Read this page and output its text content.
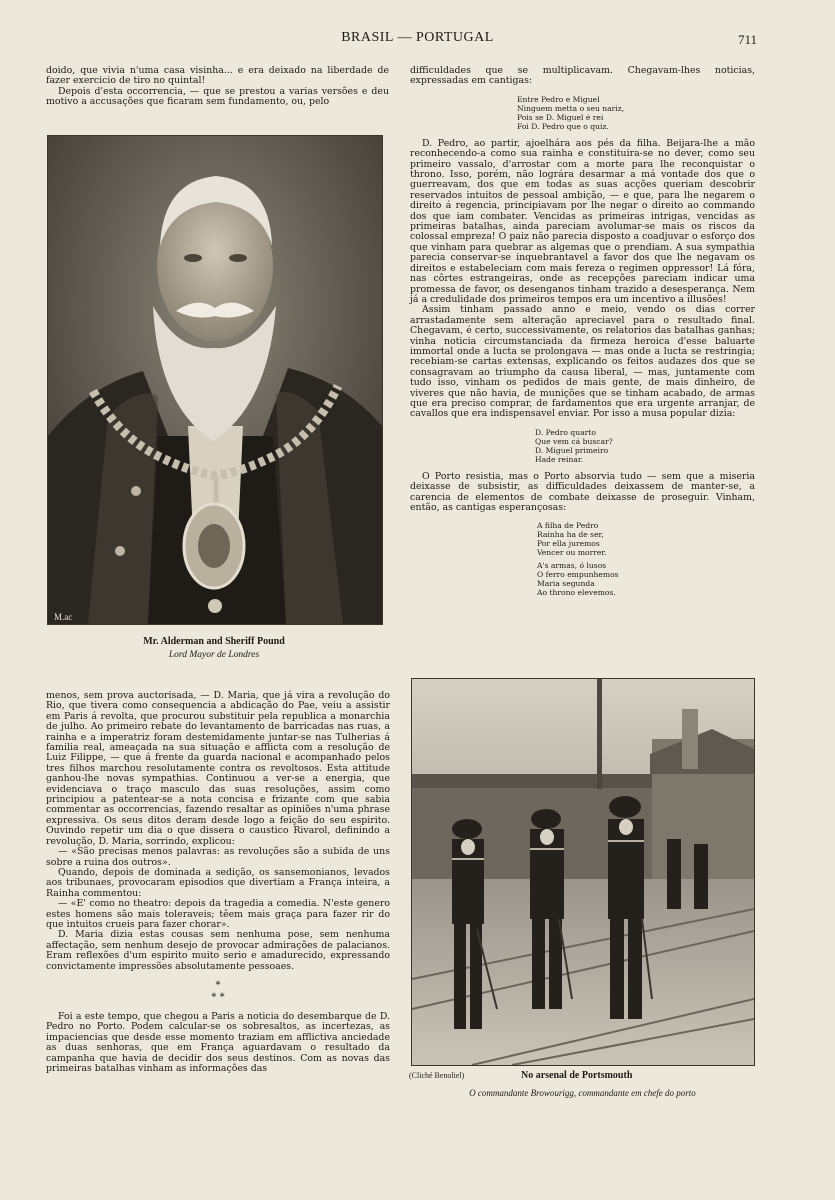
BRASIL — PORTUGAL	711

doido, que vivia n'uma casa visinha... e era deixado na liberdade de fazer exercicio de tiro no quintal!

Depois d'esta occorrencia, — que se prestou a varias versões e deu motivo a accusações que ficaram sem fundamento, ou, pelo

M.ac
Mr. Alderman and Sheriff Pound
Lord Mayor de Londres

menos, sem prova auctorisada, — D. Maria, que já vira a revolução do Rio, que tivera como consequencia a abdicação do Pae, veiu a assistir em Paris á revolta, que procurou substituir pela republica a monarchia de julho. Ao primeiro rebate do levantamento de barricadas nas ruas, a rainha e a imperatriz foram destemidamente juntar-se nas Tulherias á familia real, ameaçada na sua situação e afflicta com a resolução de Luiz Filippe, — que á frente da guarda nacional e acompanhado pelos tres filhos marchou resolutamente contra os revoltosos. Esta attitude ganhou-lhe novas sympathias. Continuou a ver-se a energia, que evidenciava o traço masculo das suas resoluções, assim como principiou a patentear-se a nota concisa e frizante com que sabia commentar as occorrencias, fazendo resaltar as opiniões n'uma phrase expressiva. Os seus ditos deram desde logo a feição do seu espirito. Ouvindo repetir um dia o que dissera o caustico Rivarol, definindo a revolução, D. Maria, sorrindo, explicou:

— «São precisas menos palavras: as revoluções são a subida de uns sobre a ruina dos outros».

Quando, depois de dominada a sedição, os sansemonianos, levados aos tribunaes, provocaram episodios que divertiam a França inteira, a Rainha commentou:

— «E' como no theatro: depois da tragedia a comedia. N'este genero estes homens são mais toleraveis; têem mais graça para fazer rir do que intuitos crueis para fazer chorar».

D. Maria dizia estas cousas sem nenhuma pose, sem nenhuma affectação, sem nenhum desejo de provocar admirações de palacianos. Eram reflexões d'um espirito muito serio e amadurecido, expressando convictamente impressões absolutamente pessoaes.

*
* *

Foi a este tempo, que chegou a Paris a noticia do desembarque de D. Pedro no Porto. Podem calcular-se os sobresaltos, as incertezas, as impaciencias que desde esse momento traziam em afflictiva anciedade as duas senhoras, que em França aguardavam o resultado da campanha que havia de decidir dos seus destinos. Com as novas das primeiras batalhas vinham as informações das

difficuldades que se multiplicavam. Chegavam-lhes noticias, expressadas em cantigas:

Entre Pedro e Miguel
Ninguem metta o seu nariz,
Pois se D. Miguel é rei
Foi D. Pedro que o quiz.

D. Pedro, ao partir, ajoelhára aos pés da filha. Beijara-lhe a mão reconhecendo-a como sua rainha e constituira-se no dever, como seu primeiro vassalo, d'arrostar com a morte para lhe reconquistar o throno. Isso, porém, não lográra desarmar a má vontade dos que o guerreavam, dos que em todas as suas acções queriam descobrir reservados intuitos de pessoal ambição, — e que, para lhe negarem o direito á regencia, principiavam por lhe negar o direito ao commando dos que iam combater. Vencidas as primeiras intrigas, vencidas as primeiras batalhas, ainda pareciam avolumar-se mais os riscos da colossal empreza! O paiz não parecia disposto a coadjuvar o esforço dos que vinham para quebrar as algemas que o prendiam. A sua sympathia parecia conservar-se inquebrantavel a favor dos que lhe negavam os direitos e estabeleciam com mais fereza o regimen oppressor! Lá fóra, nas côrtes estrangeiras, onde as recepções pareciam indicar uma promessa de favor, os desenganos tinham trazido a desesperança. Nem já a credulidade dos primeiros tempos era um incentivo a illusões!

Assim tinham passado anno e meio, vendo os dias correr arrastadamente sem alteração apreciavel para o resultado final. Chegavam, é certo, successivamente, os relatorios das batalhas ganhas; vinha noticia circumstanciada da firmeza heroica d'esse baluarte immortal onde a lucta se prolongava — mas onde a lucta se restringia; recebiam-se cartas extensas, explicando os feitos audazes dos que se consagravam ao triumpho da causa liberal, — mas, juntamente com tudo isso, vinham os pedidos de mais gente, de mais dinheiro, de viveres que não havia, de munições que se tinham acabado, de armas que era preciso comprar, de fardamentos que era urgente arranjar, de cavallos que era indispensavel enviar. Por isso a musa popular dizia:

D. Pedro quarto
Que vem cá buscar?
D. Miguel primeiro
Hade reinar.

O Porto resistia, mas o Porto absorvia tudo — sem que a miseria deixasse de subsistir, as difficuldades deixassem de manter-se, a carencia de elementos de combate deixasse de proseguir. Vinham, então, as cantigas esperançosas:

A filha de Pedro
Rainha ha de ser,
Por ella juremos
Vencer ou morrer.
A's armas, ó lusos
O ferro empunhemos
Maria segunda
Ao throno elevemos.
(Cliché Benoliel)	No arsenal de Portsmouth
O commandante Browourigg, commandante em chefe do porto
